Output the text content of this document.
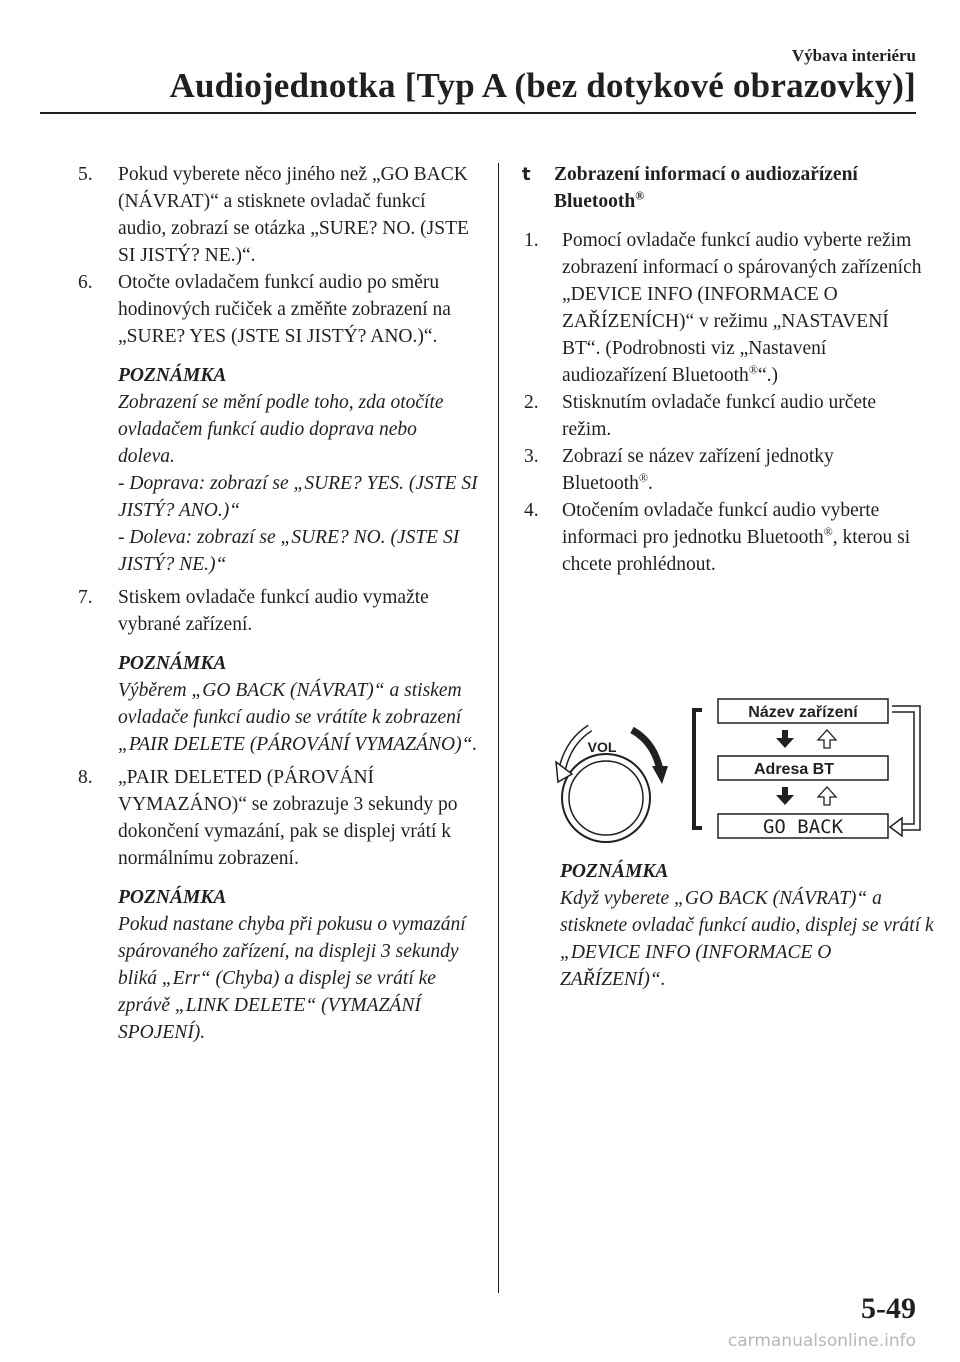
Výbava interiéru
Audiojednotka [Typ A (bez dotykové obrazovky)]
5. Pokud vyberete něco jiného než „GO BACK (NÁVRAT)“ a stisknete ovladač funkcí audio, zobrazí se otázka „SURE? NO. (JSTE SI JISTÝ? NE.)“.
6. Otočte ovladačem funkcí audio po směru hodinových ručiček a změňte zobrazení na „SURE? YES (JSTE SI JISTÝ? ANO.)“.
POZNÁMKA
Zobrazení se mění podle toho, zda otočíte ovladačem funkcí audio doprava nebo doleva.
- Doprava: zobrazí se „SURE? YES. (JSTE SI JISTÝ? ANO.)“
- Doleva: zobrazí se „SURE? NO. (JSTE SI JISTÝ? NE.)“
7. Stiskem ovladače funkcí audio vymažte vybrané zařízení.
POZNÁMKA
Výběrem „GO BACK (NÁVRAT)“ a stiskem ovladače funkcí audio se vrátíte k zobrazení „PAIR DELETE (PÁROVÁNÍ VYMAZÁNO)“.
8. „PAIR DELETED (PÁROVÁNÍ VYMAZÁNO)“ se zobrazuje 3 sekundy po dokončení vymazání, pak se displej vrátí k normálnímu zobrazení.
POZNÁMKA
Pokud nastane chyba při pokusu o vymazání spárovaného zařízení, na displeji 3 sekundy bliká „Err“ (Chyba) a displej se vrátí ke zprávě „LINK DELETE“ (VYMAZÁNÍ SPOJENÍ).
t Zobrazení informací o audiozařízení Bluetooth®
1. Pomocí ovladače funkcí audio vyberte režim zobrazení informací o spárovaných zařízeních „DEVICE INFO (INFORMACE O ZAŘÍZENÍCH)“ v režimu „NASTAVENÍ BT“. (Podrobnosti viz „Nastavení audiozařízení Bluetooth®“.)
2. Stisknutím ovladače funkcí audio určete režim.
3. Zobrazí se název zařízení jednotky Bluetooth®.
4. Otočením ovladače funkcí audio vyberte informaci pro jednotku Bluetooth®, kterou si chcete prohlédnout.
VOL
Název zařízení
Adresa BT
GO BACK
POZNÁMKA
Když vyberete „GO BACK (NÁVRAT)“ a stisknete ovladač funkcí audio, displej se vrátí k „DEVICE INFO (INFORMACE O ZAŘÍZENÍ)“.
5-49
carmanualsonline.info
